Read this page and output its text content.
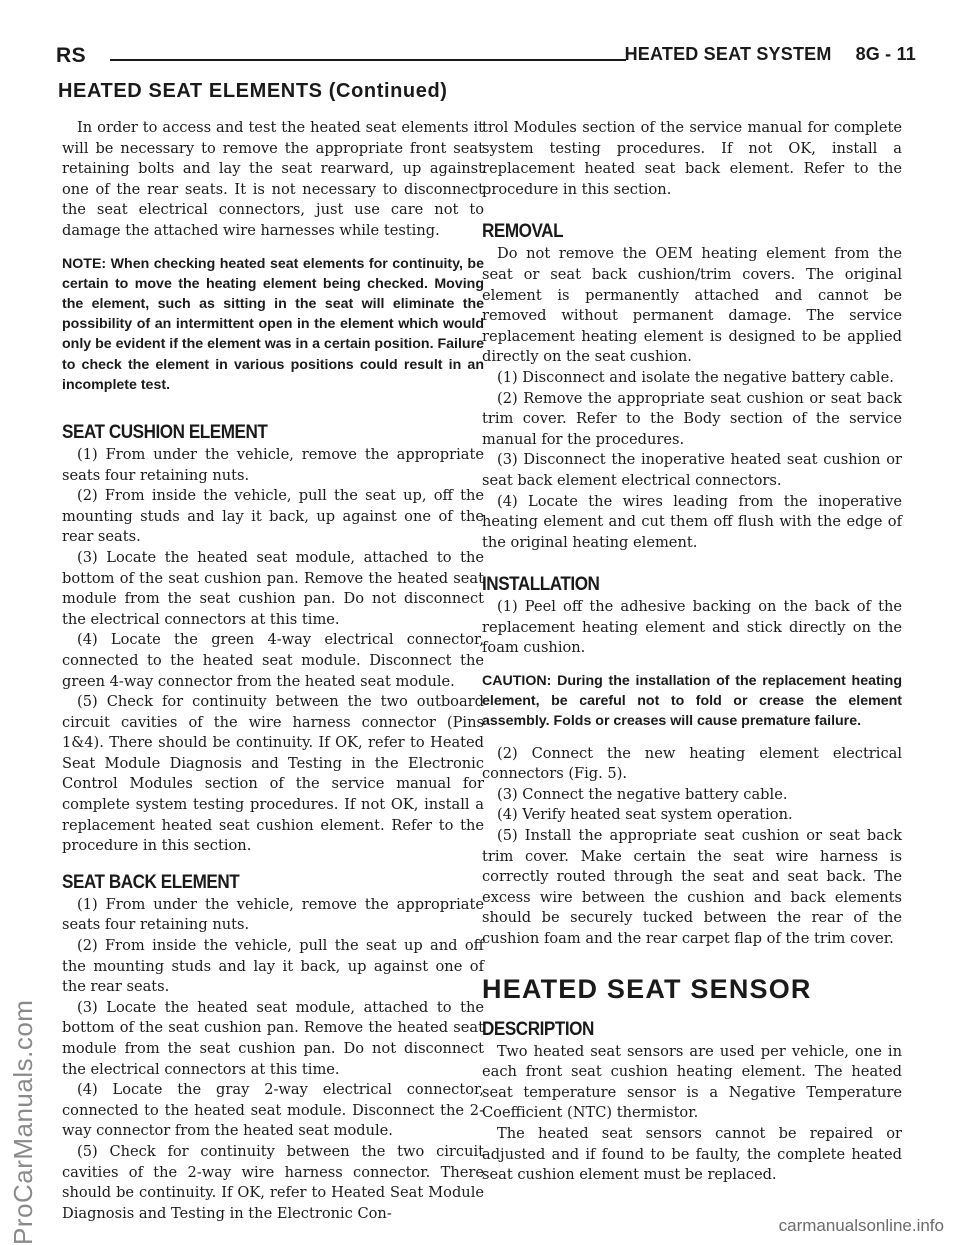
RS	HEATED SEAT SYSTEM 8G - 11
HEATED SEAT ELEMENTS (Continued)

In order to access and test the heated seat elements it will be necessary to remove the appropriate front seat retaining bolts and lay the seat rearward, up against one of the rear seats. It is not necessary to disconnect the seat electrical connectors, just use care not to damage the attached wire harnesses while testing.

NOTE: When checking heated seat elements for continuity, be certain to move the heating element being checked. Moving the element, such as sitting in the seat will eliminate the possibility of an intermittent open in the element which would only be evident if the element was in a certain position. Failure to check the element in various positions could result in an incomplete test.

SEAT CUSHION ELEMENT

(1) From under the vehicle, remove the appropriate seats four retaining nuts.

(2) From inside the vehicle, pull the seat up, off the mounting studs and lay it back, up against one of the rear seats.

(3) Locate the heated seat module, attached to the bottom of the seat cushion pan. Remove the heated seat module from the seat cushion pan. Do not disconnect the electrical connectors at this time.

(4) Locate the green 4-way electrical connector, connected to the heated seat module. Disconnect the green 4-way connector from the heated seat module.

(5) Check for continuity between the two outboard circuit cavities of the wire harness connector (Pins 1&4). There should be continuity. If OK, refer to Heated Seat Module Diagnosis and Testing in the Electronic Control Modules section of the service manual for complete system testing procedures. If not OK, install a replacement heated seat cushion element. Refer to the procedure in this section.

SEAT BACK ELEMENT

(1) From under the vehicle, remove the appropriate seats four retaining nuts.

(2) From inside the vehicle, pull the seat up and off the mounting studs and lay it back, up against one of the rear seats.

(3) Locate the heated seat module, attached to the bottom of the seat cushion pan. Remove the heated seat module from the seat cushion pan. Do not disconnect the electrical connectors at this time.

(4) Locate the gray 2-way electrical connector, connected to the heated seat module. Disconnect the 2-way connector from the heated seat module.

(5) Check for continuity between the two circuit cavities of the 2-way wire harness connector. There should be continuity. If OK, refer to Heated Seat Module Diagnosis and Testing in the Electronic Con-

trol Modules section of the service manual for complete system testing procedures. If not OK, install a replacement heated seat back element. Refer to the procedure in this section.

REMOVAL

Do not remove the OEM heating element from the seat or seat back cushion/trim covers. The original element is permanently attached and cannot be removed without permanent damage. The service replacement heating element is designed to be applied directly on the seat cushion.

(1) Disconnect and isolate the negative battery cable.

(2) Remove the appropriate seat cushion or seat back trim cover. Refer to the Body section of the service manual for the procedures.

(3) Disconnect the inoperative heated seat cushion or seat back element electrical connectors.

(4) Locate the wires leading from the inoperative heating element and cut them off flush with the edge of the original heating element.

INSTALLATION

(1) Peel off the adhesive backing on the back of the replacement heating element and stick directly on the foam cushion.

CAUTION: During the installation of the replacement heating element, be careful not to fold or crease the element assembly. Folds or creases will cause premature failure.

(2) Connect the new heating element electrical connectors (Fig. 5).

(3) Connect the negative battery cable.

(4) Verify heated seat system operation.

(5) Install the appropriate seat cushion or seat back trim cover. Make certain the seat wire harness is correctly routed through the seat and seat back. The excess wire between the cushion and back elements should be securely tucked between the rear of the cushion foam and the rear carpet flap of the trim cover.

HEATED SEAT SENSOR

DESCRIPTION

Two heated seat sensors are used per vehicle, one in each front seat cushion heating element. The heated seat temperature sensor is a Negative Temperature Coefficient (NTC) thermistor.

The heated seat sensors cannot be repaired or adjusted and if found to be faulty, the complete heated seat cushion element must be replaced.

ProCarManuals.com	carmanualsonline.info
